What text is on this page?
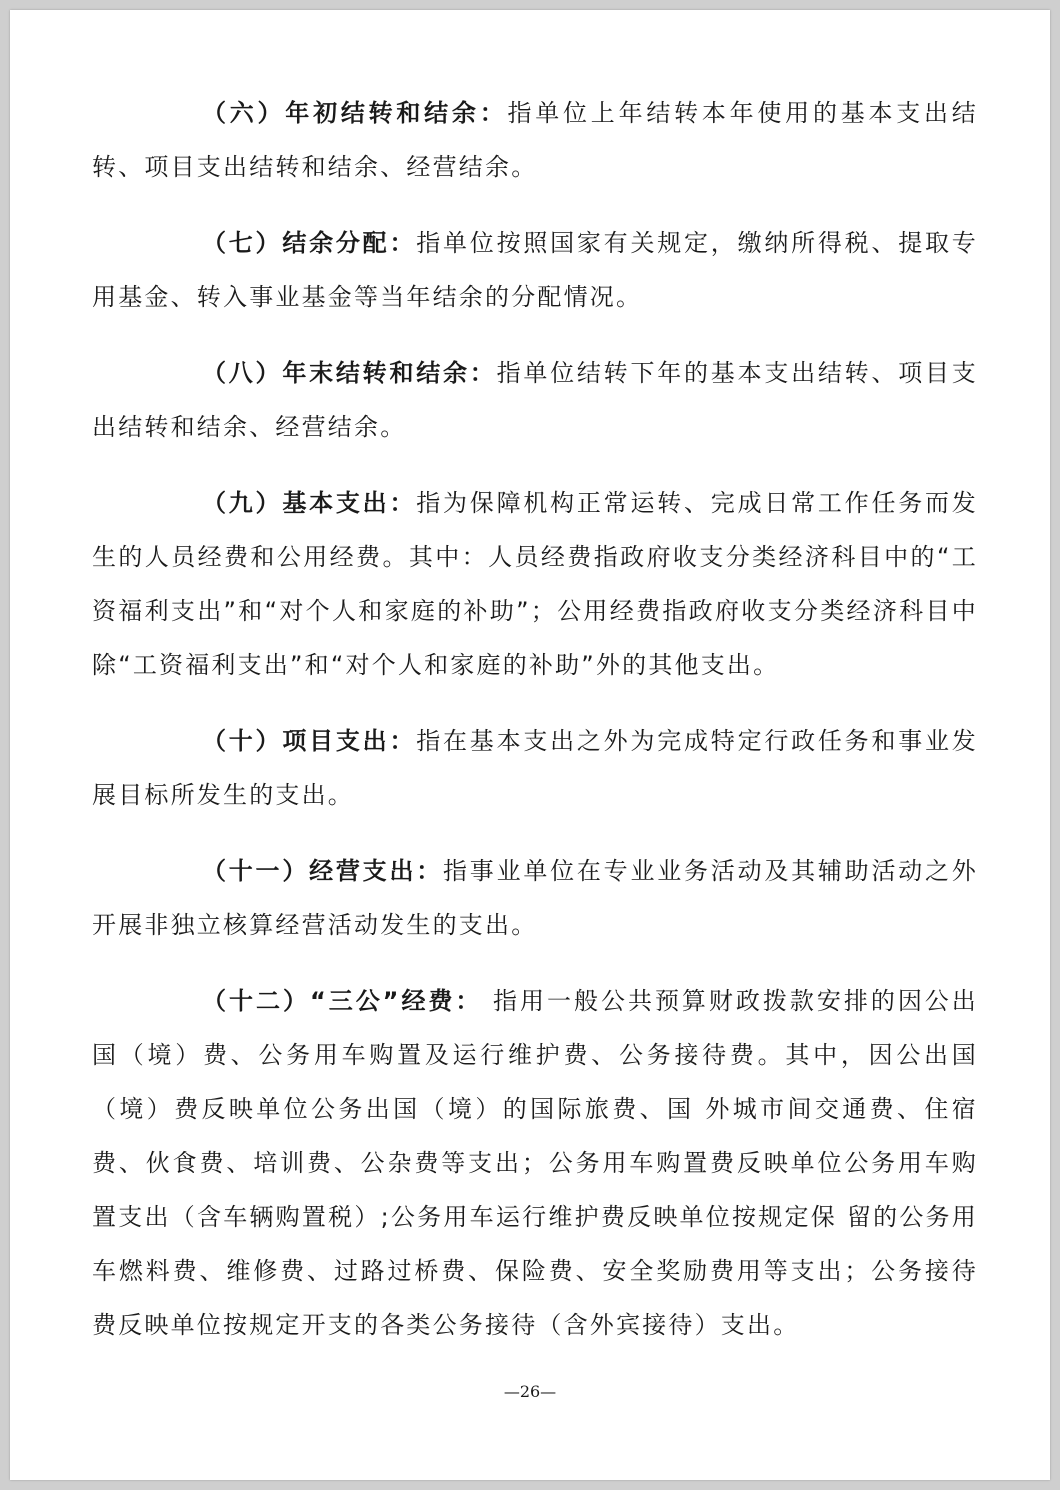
（六）年初结转和结余：指单位上年结转本年使用的基本支出结转、项目支出结转和结余、经营结余。

（七）结余分配：指单位按照国家有关规定，缴纳所得税、提取专用基金、转入事业基金等当年结余的分配情况。

（八）年末结转和结余：指单位结转下年的基本支出结转、项目支出结转和结余、经营结余。

（九）基本支出：指为保障机构正常运转、完成日常工作任务而发生的人员经费和公用经费。其中：人员经费指政府收支分类经济科目中的“工资福利支出”和“对个人和家庭的补助”；公用经费指政府收支分类经济科目中除“工资福利支出”和“对个人和家庭的补助”外的其他支出。

（十）项目支出：指在基本支出之外为完成特定行政任务和事业发展目标所发生的支出。

（十一）经营支出：指事业单位在专业业务活动及其辅助活动之外开展非独立核算经营活动发生的支出。

（十二）“三公”经费： 指用一般公共预算财政拨款安排的因公出国（境）费、公务用车购置及运行维护费、公务接待费。其中，因公出国（境）费反映单位公务出国（境）的国际旅费、国 外城市间交通费、住宿费、伙食费、培训费、公杂费等支出；公务用车购置费反映单位公务用车购置支出（含车辆购置税）;公务用车运行维护费反映单位按规定保 留的公务用车燃料费、维修费、过路过桥费、保险费、安全奖励费用等支出；公务接待费反映单位按规定开支的各类公务接待（含外宾接待）支出。

—26—
